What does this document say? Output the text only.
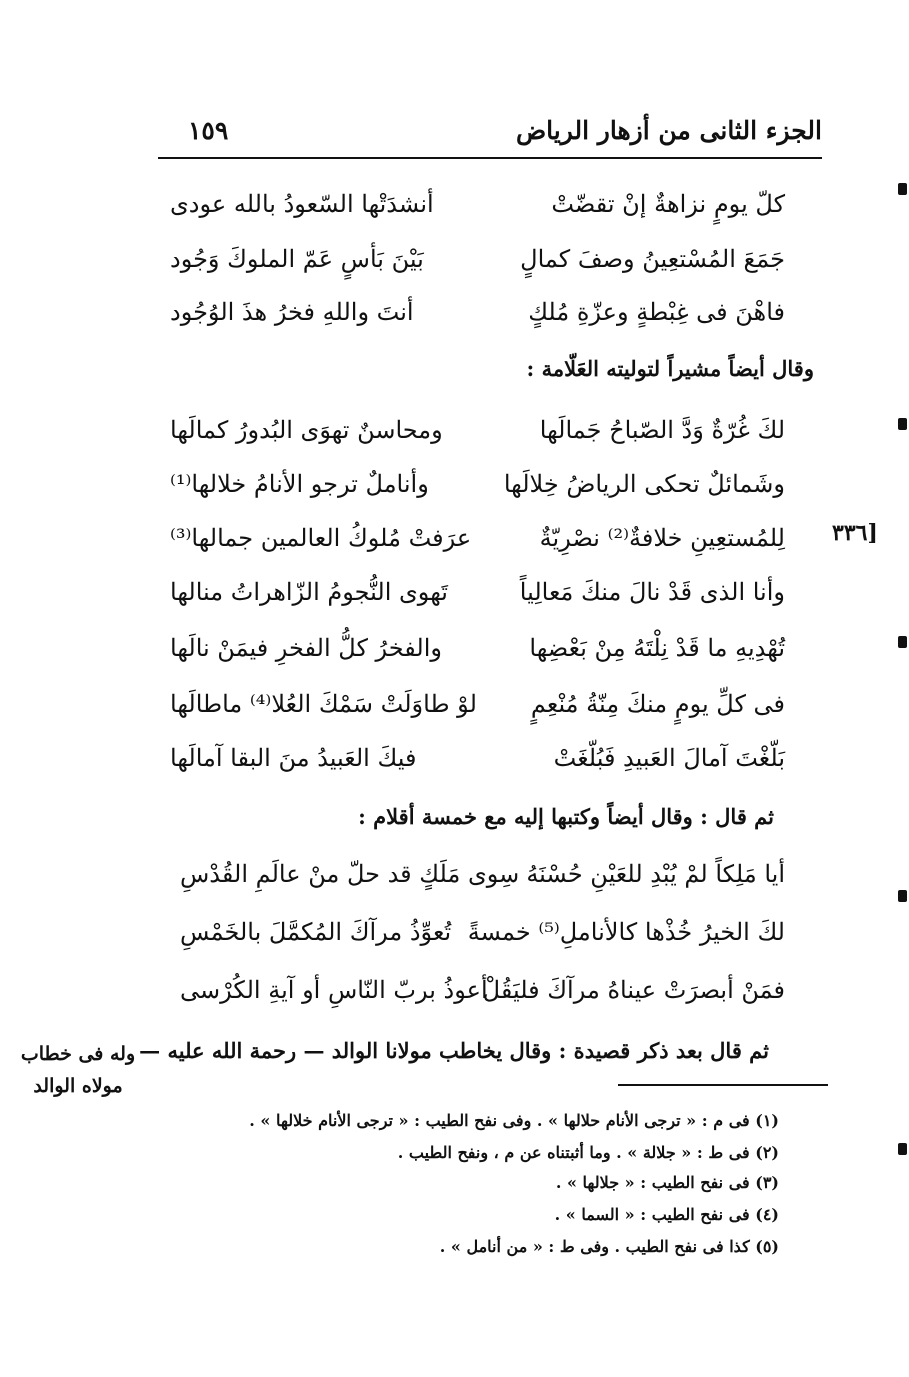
الجزء الثانى من أزهار الرياض
١٥٩
كلّ يومٍ نزاهةٌ إنْ تقضّتْ
أنشدَتْها السّعودُ بالله عودى
جَمَعَ المُسْتعِينُ وصفَ كمالٍ
بَيْنَ بَأسٍ عَمّ الملوكَ وَجُود
فاهْنَ فى غِبْطةٍ وعزّةِ مُلكٍ
أنتَ واللهِ فخرُ هذَ الوُجُود
وقال أيضاً مشيراً لتوليته العَلّامة :
لكَ غُرّةٌ وَدَّ الصّباحُ جَمالَها
ومحاسنٌ تهوَى البُدورُ كمالَها
وشَمائلٌ تحكى الرياضُ خِلالَها
وأناملٌ ترجو الأنامُ خلالها⁽¹⁾
لِلمُستعِينِ خلافةٌ⁽²⁾ نصْرِيّةٌ
عرَفتْ مُلوكُ العالمين جمالها⁽³⁾
وأنا الذى قَدْ نالَ منكَ مَعالِياً
تَهوى النُّجومُ الزّاهراتُ منالها
تُهْدِيهِ ما قَدْ نِلْتَهُ مِنْ بَعْضِها
والفخرُ كلُّ الفخرِ فيمَنْ نالَها
فى كلِّ يومٍ منكَ مِنّةُ مُنْعِمٍ
لوْ طاوَلَتْ سَمْكَ العُلا⁽⁴⁾ ماطالَها
بَلّغْتَ آمالَ العَبيدِ فَبُلّغَتْ
فيكَ العَبيدُ منَ البقا آمالَها
[٣٣٦
ثم قال : وقال أيضاً وكتبها إليه مع خمسة أقلام :
أيا مَلِكاً لمْ يُبْدِ للعَيْنِ حُسْنَهُ
سِوى مَلَكٍ قد حلّ منْ عالَمِ القُدْسِ
لكَ الخيرُ خُذْها كالأناملِ⁽⁵⁾ خمسةً
تُعوِّذُ مرآكَ المُكمَّلَ بالخَمْسِ
فمَنْ أبصرَتْ عيناهُ مرآكَ فليَقُلْ
أعوذُ بربّ النّاسِ أو آيةِ الكُرْسى
ثم قال بعد ذكر قصيدة : وقال يخاطب مولانا الوالد — رحمة الله عليه —
وله فى خطاب
مولاه الوالد
(١) فى م : « ترجى الأنام حلالها » . وفى نفح الطيب : « ترجى الأنام خلالها » .
(٢) فى ط : « جلالة » . وما أثبتناه عن م ، ونفح الطيب .
(٣) فى نفح الطيب : « جلالها » .
(٤) فى نفح الطيب : « السما » .
(٥) كذا فى نفح الطيب . وفى ط : « من أنامل » .
